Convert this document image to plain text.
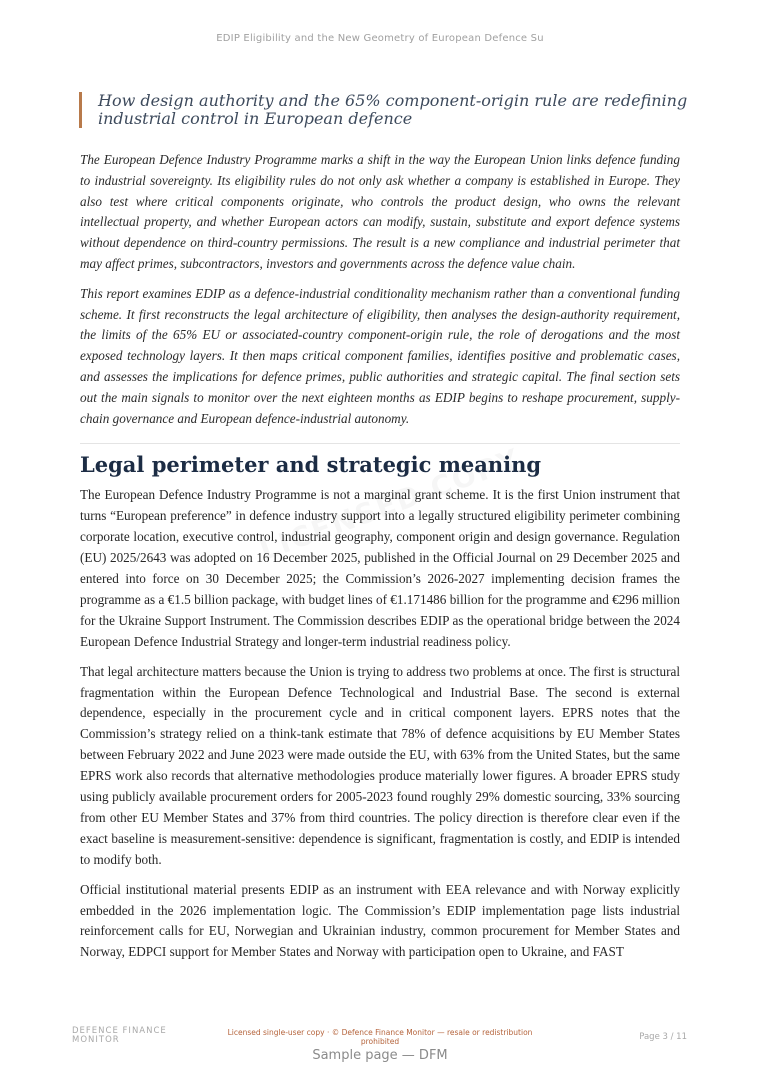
EDIP Eligibility and the New Geometry of European Defence Su
How design authority and the 65% component-origin rule are redefining industrial control in European defence

The European Defence Industry Programme marks a shift in the way the European Union links defence funding to industrial sovereignty. Its eligibility rules do not only ask whether a company is established in Europe. They also test where critical components originate, who controls the product design, who owns the relevant intellectual property, and whether European actors can modify, sustain, substitute and export defence systems without dependence on third-country permissions. The result is a new compliance and industrial perimeter that may affect primes, subcontractors, investors and governments across the defence value chain.

This report examines EDIP as a defence-industrial conditionality mechanism rather than a conventional funding scheme. It first reconstructs the legal architecture of eligibility, then analyses the design-authority requirement, the limits of the 65% EU or associated-country component-origin rule, the role of derogations and the most exposed technology layers. It then maps critical component families, identifies positive and problematic cases, and assesses the implications for defence primes, public authorities and strategic capital. The final section sets out the main signals to monitor over the next eighteen months as EDIP begins to reshape procurement, supply-chain governance and European defence-industrial autonomy.

Legal perimeter and strategic meaning

The European Defence Industry Programme is not a marginal grant scheme. It is the first Union instrument that turns “European preference” in defence industry support into a legally structured eligibility perimeter combining corporate location, executive control, industrial geography, component origin and design governance. Regulation (EU) 2025/2643 was adopted on 16 December 2025, published in the Official Journal on 29 December 2025 and entered into force on 30 December 2025; the Commission’s 2026-2027 implementing decision frames the programme as a €1.5 billion package, with budget lines of €1.171486 billion for the programme and €296 million for the Ukraine Support Instrument. The Commission describes EDIP as the operational bridge between the 2024 European Defence Industrial Strategy and longer-term industrial readiness policy.

That legal architecture matters because the Union is trying to address two problems at once. The first is structural fragmentation within the European Defence Technological and Industrial Base. The second is external dependence, especially in the procurement cycle and in critical component layers. EPRS notes that the Commission’s strategy relied on a think-tank estimate that 78% of defence acquisitions by EU Member States between February 2022 and June 2023 were made outside the EU, with 63% from the United States, but the same EPRS work also records that alternative methodologies produce materially lower figures. A broader EPRS study using publicly available procurement orders for 2005-2023 found roughly 29% domestic sourcing, 33% sourcing from other EU Member States and 37% from third countries. The policy direction is therefore clear even if the exact baseline is measurement-sensitive: dependence is significant, fragmentation is costly, and EDIP is intended to modify both.

Official institutional material presents EDIP as an instrument with EEA relevance and with Norway explicitly embedded in the 2026 implementation logic. The Commission’s EDIP implementation page lists industrial reinforcement calls for EU, Norwegian and Ukrainian industry, common procurement for Member States and Norway, EDPCI support for Member States and Norway with participation open to Ukraine, and FAST

DEFENCE FINANCE MONITOR
Licensed single-user copy · © Defence Finance Monitor — resale or redistribution prohibited	Page 3 / 11
Sample page — DFM
